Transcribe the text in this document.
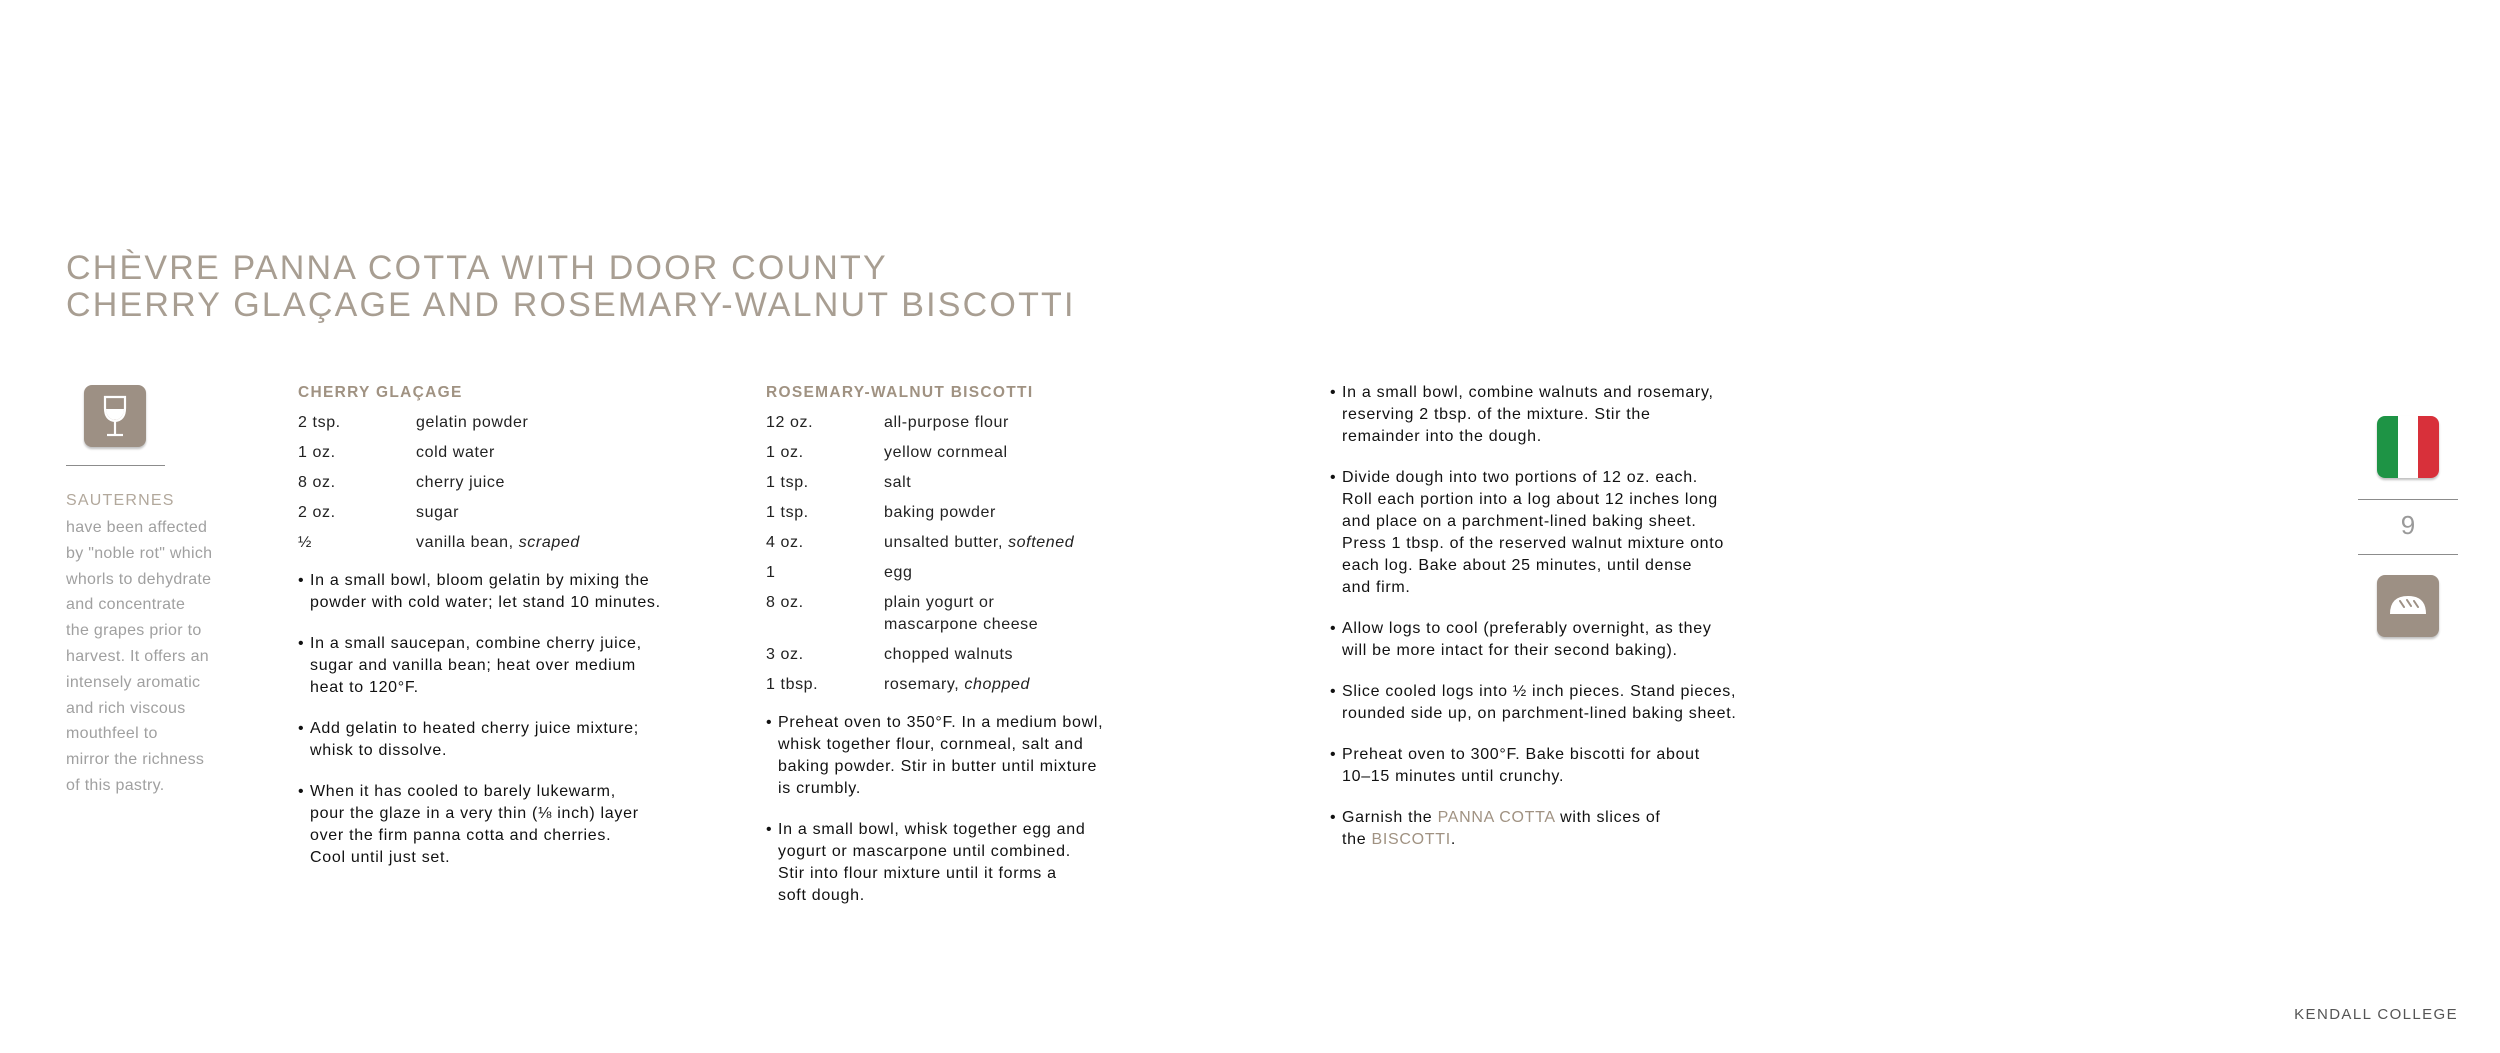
CHÈVRE PANNA COTTA WITH DOOR COUNTY
CHERRY GLAÇAGE AND ROSEMARY-WALNUT BISCOTTI
SAUTERNES
have been affected
by "noble rot" which
whorls to dehydrate
and concentrate
the grapes prior to
harvest. It offers an
intensely aromatic
and rich viscous
mouthfeel to
mirror the richness
of this pastry.
CHERRY GLAÇAGE
2 tsp.	gelatin powder
1 oz.	cold water
8 oz.	cherry juice
2 oz.	sugar
½	vanilla bean, scraped
• In a small bowl, bloom gelatin by mixing the
powder with cold water; let stand 10 minutes.
• In a small saucepan, combine cherry juice,
sugar and vanilla bean; heat over medium
heat to 120°F.
• Add gelatin to heated cherry juice mixture;
whisk to dissolve.
• When it has cooled to barely lukewarm,
pour the glaze in a very thin (⅛ inch) layer
over the firm panna cotta and cherries.
Cool until just set.
ROSEMARY-WALNUT BISCOTTI
12 oz.	all-purpose flour
1 oz.	yellow cornmeal
1 tsp.	salt
1 tsp.	baking powder
4 oz.	unsalted butter, softened
1	egg
8 oz.	plain yogurt or
mascarpone cheese
3 oz.	chopped walnuts
1 tbsp.	rosemary, chopped
• Preheat oven to 350°F. In a medium bowl,
whisk together flour, cornmeal, salt and
baking powder. Stir in butter until mixture
is crumbly.
• In a small bowl, whisk together egg and
yogurt or mascarpone until combined.
Stir into flour mixture until it forms a
soft dough.
• In a small bowl, combine walnuts and rosemary,
reserving 2 tbsp. of the mixture. Stir the
remainder into the dough.
• Divide dough into two portions of 12 oz. each.
Roll each portion into a log about 12 inches long
and place on a parchment-lined baking sheet.
Press 1 tbsp. of the reserved walnut mixture onto
each log. Bake about 25 minutes, until dense
and firm.
• Allow logs to cool (preferably overnight, as they
will be more intact for their second baking).
• Slice cooled logs into ½ inch pieces. Stand pieces,
rounded side up, on parchment-lined baking sheet.
• Preheat oven to 300°F. Bake biscotti for about
10–15 minutes until crunchy.
• Garnish the PANNA COTTA with slices of
the BISCOTTI.
9
KENDALL COLLEGE
